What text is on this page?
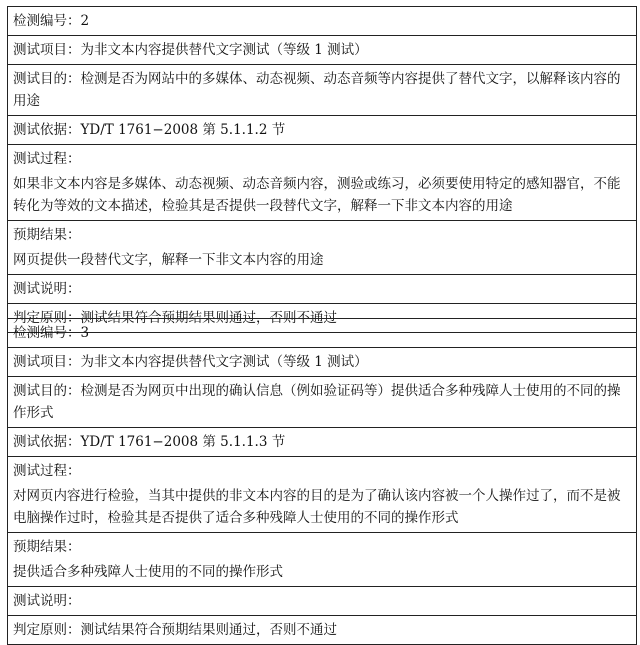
检测编号：2
测试项目：为非文本内容提供替代文字测试（等级 1 测试）
测试目的：检测是否为网站中的多媒体、动态视频、动态音频等内容提供了替代文字，以解释该内容的用途
测试依据：YD/T 1761−2008 第 5.1.1.2 节
测试过程：
如果非文本内容是多媒体、动态视频、动态音频内容，测验或练习，必须要使用特定的感知器官，不能转化为等效的文本描述，检验其是否提供一段替代文字，解释一下非文本内容的用途
预期结果：
网页提供一段替代文字，解释一下非文本内容的用途
测试说明：
判定原则：测试结果符合预期结果则通过，否则不通过
检测编号：3
测试项目：为非文本内容提供替代文字测试（等级 1 测试）
测试目的：检测是否为网页中出现的确认信息（例如验证码等）提供适合多种残障人士使用的不同的操作形式
测试依据：YD/T 1761−2008 第 5.1.1.3 节
测试过程：
对网页内容进行检验，当其中提供的非文本内容的目的是为了确认该内容被一个人操作过了，而不是被电脑操作过时，检验其是否提供了适合多种残障人士使用的不同的操作形式
预期结果：
提供适合多种残障人士使用的不同的操作形式
测试说明：
判定原则：测试结果符合预期结果则通过，否则不通过
